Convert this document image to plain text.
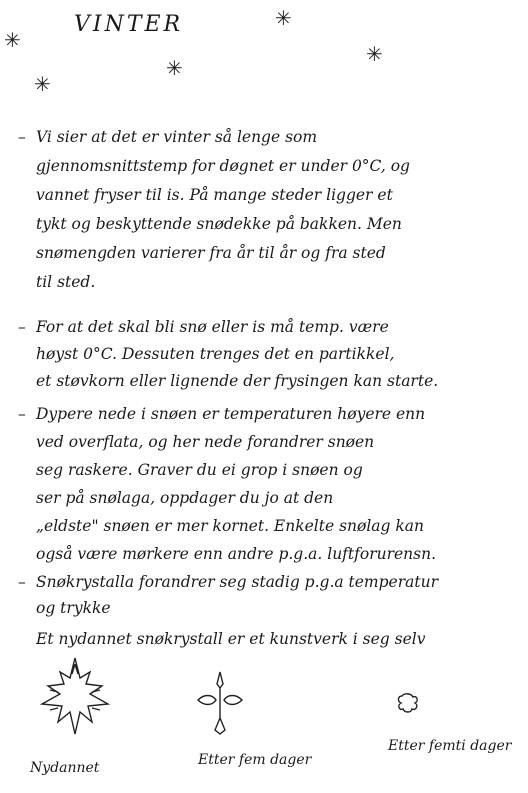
VINTER	✳
✳
✳
✳
✳
– Vi sier at det er vinter så lenge som
gjennomsnittstemp for døgnet er under 0°C, og
vannet fryser til is. På mange steder ligger et
tykt og beskyttende snødekke på bakken. Men
snømengden varierer fra år til år og fra sted
til sted.
– For at det skal bli snø eller is må temp. være
høyst 0°C. Dessuten trenges det en partikkel,
et støvkorn eller lignende der frysingen kan starte.
– Dypere nede i snøen er temperaturen høyere enn
ved overflata, og her nede forandrer snøen
seg raskere. Graver du ei grop i snøen og
ser på snølaga, oppdager du jo at den
„eldste" snøen er mer kornet. Enkelte snølag kan
også være mørkere enn andre p.g.a. luftforurensn.
– Snøkrystalla forandrer seg stadig p.g.a temperatur
og trykke
Et nydannet snøkrystall er et kunstverk i seg selv
Nydannet	Etter fem dager
Etter femti dager
